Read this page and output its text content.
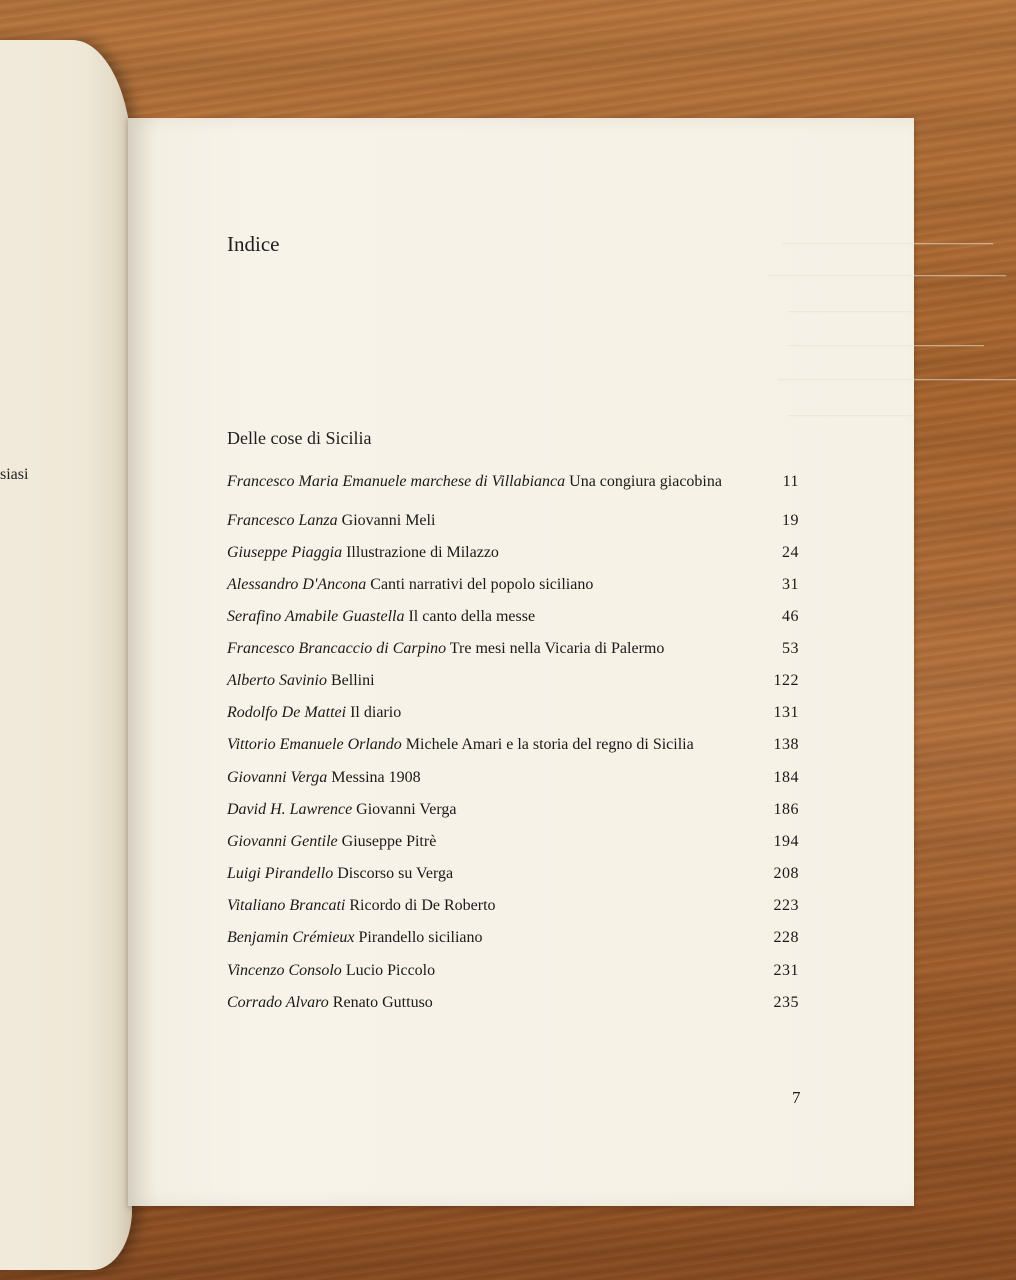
siasi
———————————————
—————————————————
—————————
——————————————
—————————————————
—————————
Indice
Delle cose di Sicilia
Francesco Maria Emanuele marchese di Villabianca Una congiura giacobina	11
Francesco Lanza Giovanni Meli	19
Giuseppe Piaggia Illustrazione di Milazzo	24
Alessandro D'Ancona Canti narrativi del popolo siciliano	31
Serafino Amabile Guastella Il canto della messe	46
Francesco Brancaccio di Carpino Tre mesi nella Vicaria di Palermo	53
Alberto Savinio Bellini	122
Rodolfo De Mattei Il diario	131
Vittorio Emanuele Orlando Michele Amari e la storia del regno di Sicilia	138
Giovanni Verga Messina 1908	184
David H. Lawrence Giovanni Verga	186
Giovanni Gentile Giuseppe Pitrè	194
Luigi Pirandello Discorso su Verga	208
Vitaliano Brancati Ricordo di De Roberto	223
Benjamin Crémieux Pirandello siciliano	228
Vincenzo Consolo Lucio Piccolo	231
Corrado Alvaro Renato Guttuso	235
7
